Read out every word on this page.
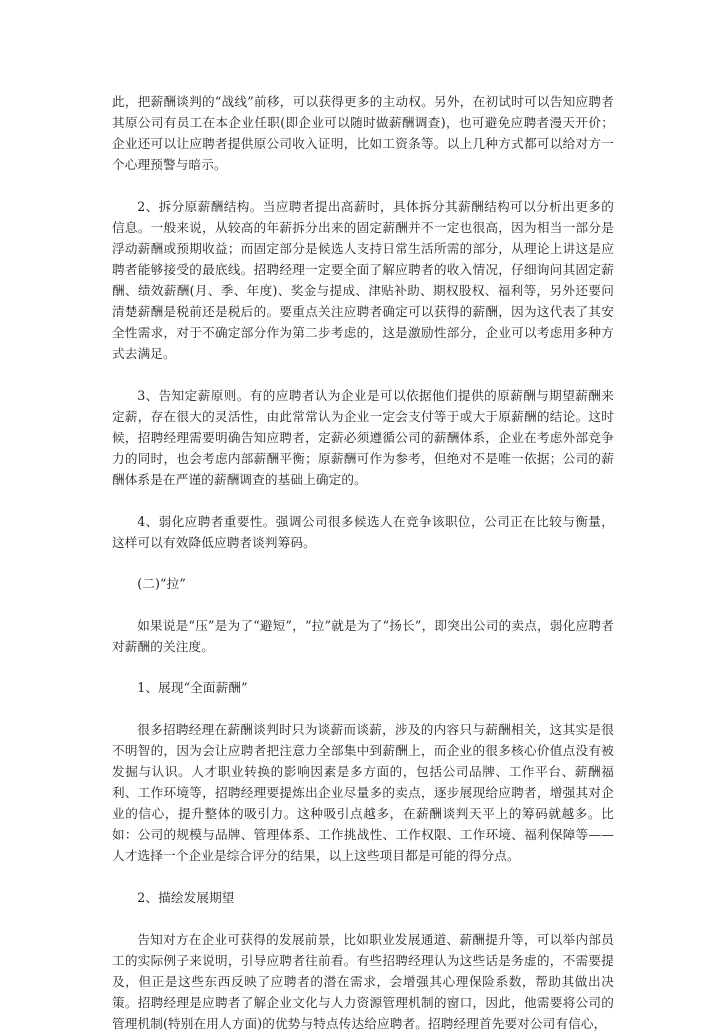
此，把薪酬谈判的“战线”前移，可以获得更多的主动权。另外，在初试时可以告知应聘者其原公司有员工在本企业任职(即企业可以随时做薪酬调查)，也可避免应聘者漫天开价；企业还可以让应聘者提供原公司收入证明，比如工资条等。以上几种方式都可以给对方一个心理预警与暗示。

2、拆分原薪酬结构。当应聘者提出高薪时，具体拆分其薪酬结构可以分析出更多的信息。一般来说，从较高的年薪拆分出来的固定薪酬并不一定也很高，因为相当一部分是浮动薪酬或预期收益；而固定部分是候选人支持日常生活所需的部分，从理论上讲这是应聘者能够接受的最底线。招聘经理一定要全面了解应聘者的收入情况，仔细询问其固定薪酬、绩效薪酬(月、季、年度)、奖金与提成、津贴补助、期权股权、福利等，另外还要问清楚薪酬是税前还是税后的。要重点关注应聘者确定可以获得的薪酬，因为这代表了其安全性需求，对于不确定部分作为第二步考虑的，这是激励性部分，企业可以考虑用多种方式去满足。

3、告知定薪原则。有的应聘者认为企业是可以依据他们提供的原薪酬与期望薪酬来定薪，存在很大的灵活性，由此常常认为企业一定会支付等于或大于原薪酬的结论。这时候，招聘经理需要明确告知应聘者，定薪必须遵循公司的薪酬体系，企业在考虑外部竞争力的同时，也会考虑内部薪酬平衡；原薪酬可作为参考，但绝对不是唯一依据；公司的薪酬体系是在严谨的薪酬调查的基础上确定的。

4、弱化应聘者重要性。强调公司很多候选人在竞争该职位，公司正在比较与衡量，这样可以有效降低应聘者谈判筹码。

(二)“拉”

如果说是“压”是为了“避短”，“拉”就是为了“扬长”，即突出公司的卖点，弱化应聘者对薪酬的关注度。

1、展现“全面薪酬”

很多招聘经理在薪酬谈判时只为谈薪而谈薪，涉及的内容只与薪酬相关，这其实是很不明智的，因为会让应聘者把注意力全部集中到薪酬上，而企业的很多核心价值点没有被发掘与认识。人才职业转换的影响因素是多方面的，包括公司品牌、工作平台、薪酬福利、工作环境等，招聘经理要提炼出企业尽量多的卖点，逐步展现给应聘者，增强其对企业的信心，提升整体的吸引力。这种吸引点越多，在薪酬谈判天平上的筹码就越多。比如：公司的规模与品牌、管理体系、工作挑战性、工作权限、工作环境、福利保障等——人才选择一个企业是综合评分的结果，以上这些项目都是可能的得分点。

2、描绘发展期望

告知对方在企业可获得的发展前景，比如职业发展通道、薪酬提升等，可以举内部员工的实际例子来说明，引导应聘者往前看。有些招聘经理认为这些话是务虚的，不需要提及，但正是这些东西反映了应聘者的潜在需求，会增强其心理保险系数，帮助其做出决策。招聘经理是应聘者了解企业文化与人力资源管理机制的窗口，因此，他需要将公司的管理机制(特别在用人方面)的优势与特点传达给应聘者。招聘经理首先要对公司有信心，
